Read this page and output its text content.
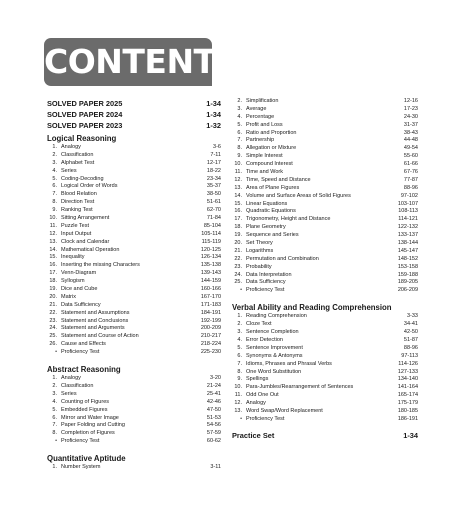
CONTENTS
SOLVED PAPER 2025	1-34
SOLVED PAPER 2024	1-34
SOLVED PAPER 2023	1-32
Logical Reasoning
1. Analogy	3-6
2. Classification	7-11
3. Alphabet Test	12-17
4. Series	18-22
5. Coding-Decoding	23-34
6. Logical Order of Words	35-37
7. Blood Relation	38-50
8. Direction Test	51-61
9. Ranking Test	62-70
10. Sitting Arrangement	71-84
11. Puzzle Test	85-104
12. Input Output	105-114
13. Clock and Calendar	115-119
14. Mathematical Operation	120-125
15. Inequality	126-134
16. Inserting the missing Characters	135-138
17. Venn-Diagram	139-143
18. Syllogism	144-159
19. Dice and Cube	160-166
20. Matrix	167-170
21. Data Sufficiency	171-183
22. Statement and Assumptions	184-191
23. Statement and Conclusions	192-199
24. Statement and Arguments	200-209
25. Statement and Course of Action	210-217
26. Cause and Effects	218-224
• Proficiency Test	225-230
Abstract Reasoning
1. Analogy	3-20
2. Classification	21-24
3. Series	25-41
4. Counting of Figures	42-46
5. Embedded Figures	47-50
6. Mirror and Water Image	51-53
7. Paper Folding and Cutting	54-56
8. Completion of Figures	57-59
• Proficiency Test	60-62
Quantitative Aptitude
1. Number System	3-11
2. Simplification	12-16
3. Average	17-23
4. Percentage	24-30
5. Profit and Loss	31-37
6. Ratio and Proportion	38-43
7. Partnership	44-48
8. Allegation or Mixture	49-54
9. Simple Interest	55-60
10. Compound Interest	61-66
11. Time and Work	67-76
12. Time, Speed and Distance	77-87
13. Area of Plane Figures	88-96
14. Volume and Surface Areas of Solid Figures	97-102
15. Linear Equations	103-107
16. Quadratic Equations	108-113
17. Trigonometry, Height and Distance	114-121
18. Plane Geometry	122-132
19. Sequence and Series	133-137
20. Set Theory	138-144
21. Logarithms	145-147
22. Permutation and Combination	148-152
23. Probability	153-158
24. Data Interpretation	159-188
25. Data Sufficiency	189-205
• Proficiency Test	206-209
Verbal Ability and Reading Comprehension
1. Reading Comprehension	3-33
2. Cloze Text	34-41
3. Sentence Completion	42-50
4. Error Detection	51-87
5. Sentence Improvement	88-96
6. Synonyms & Antonyms	97-113
7. Idioms, Phrases and Phrasal Verbs	114-126
8. One Word Substitution	127-133
9. Spellings	134-140
10. Para-Jumbles/Rearrangement of Sentences	141-164
11. Odd One Out	165-174
12. Analogy	175-179
13. Word Swap/Word Replacement	180-185
• Proficiency Test	186-191
Practice Set	1-34
